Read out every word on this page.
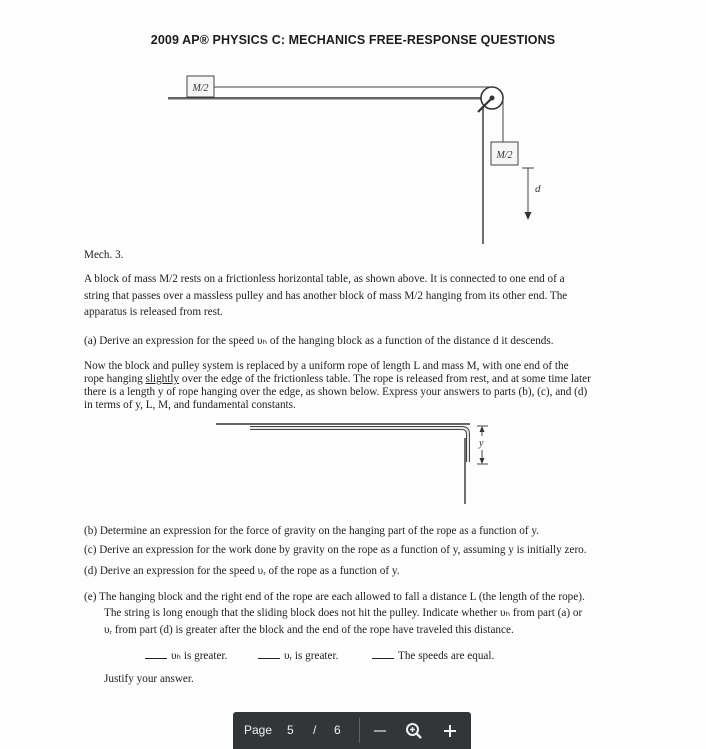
2009 AP® PHYSICS C: MECHANICS FREE-RESPONSE QUESTIONS
M/2
M/2
d
Mech. 3.
A block of mass M/2 rests on a frictionless horizontal table, as shown above. It is connected to one end of a
string that passes over a massless pulley and has another block of mass M/2 hanging from its other end. The
apparatus is released from rest.
(a) Derive an expression for the speed υₕ of the hanging block as a function of the distance d it descends.
Now the block and pulley system is replaced by a uniform rope of length L and mass M, with one end of the
rope hanging slightly over the edge of the frictionless table. The rope is released from rest, and at some time later
there is a length y of rope hanging over the edge, as shown below. Express your answers to parts (b), (c), and (d)
in terms of y, L, M, and fundamental constants.
y
(b) Determine an expression for the force of gravity on the hanging part of the rope as a function of y.
(c) Derive an expression for the work done by gravity on the rope as a function of y, assuming y is initially zero.
(d) Derive an expression for the speed υᵣ of the rope as a function of y.
(e) The hanging block and the right end of the rope are each allowed to fall a distance L (the length of the rope).
The string is long enough that the sliding block does not hit the pulley. Indicate whether υₕ from part (a) or
υᵣ from part (d) is greater after the block and the end of the rope have traveled this distance.
υₕ is greater.	υᵣ is greater.	The speeds are equal.
Justify your answer.
Page 5 / 6
